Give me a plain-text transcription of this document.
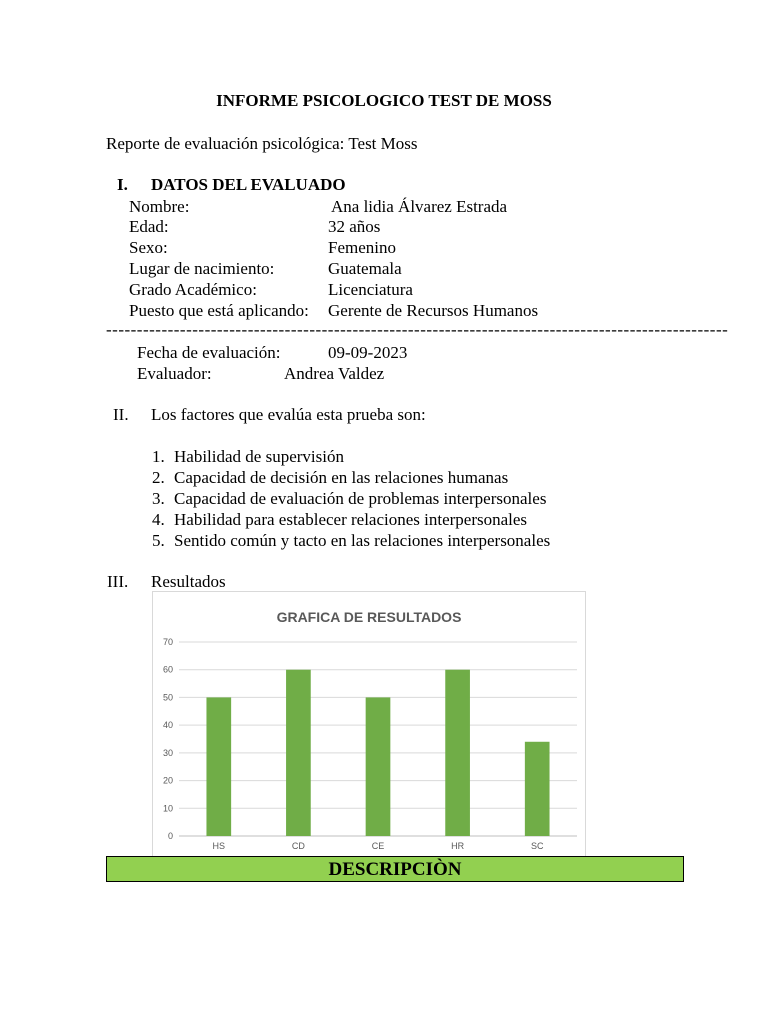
INFORME PSICOLOGICO TEST DE MOSS
Reporte de evaluación psicológica: Test Moss
I. DATOS DEL EVALUADO
Nombre:	Ana lidia Álvarez Estrada
Edad:	32 años
Sexo:	Femenino
Lugar de nacimiento:	Guatemala
Grado Académico:	Licenciatura
Puesto que está aplicando: Gerente de Recursos Humanos
-----------------------------------------------------------------------------------------------------
Fecha de evaluación:	09-09-2023
Evaluador:	Andrea Valdez
II. Los factores que evalúa esta prueba son:
1. Habilidad de supervisión
2. Capacidad de decisión en las relaciones humanas
3. Capacidad de evaluación de problemas interpersonales
4. Habilidad para establecer relaciones interpersonales
5. Sentido común y tacto en las relaciones interpersonales
III. Resultados
GRAFICA DE RESULTADOS
0
10
20
30
40
50
60
70
HS	CD	CE	HR	SC
DESCRIPCIÒN
